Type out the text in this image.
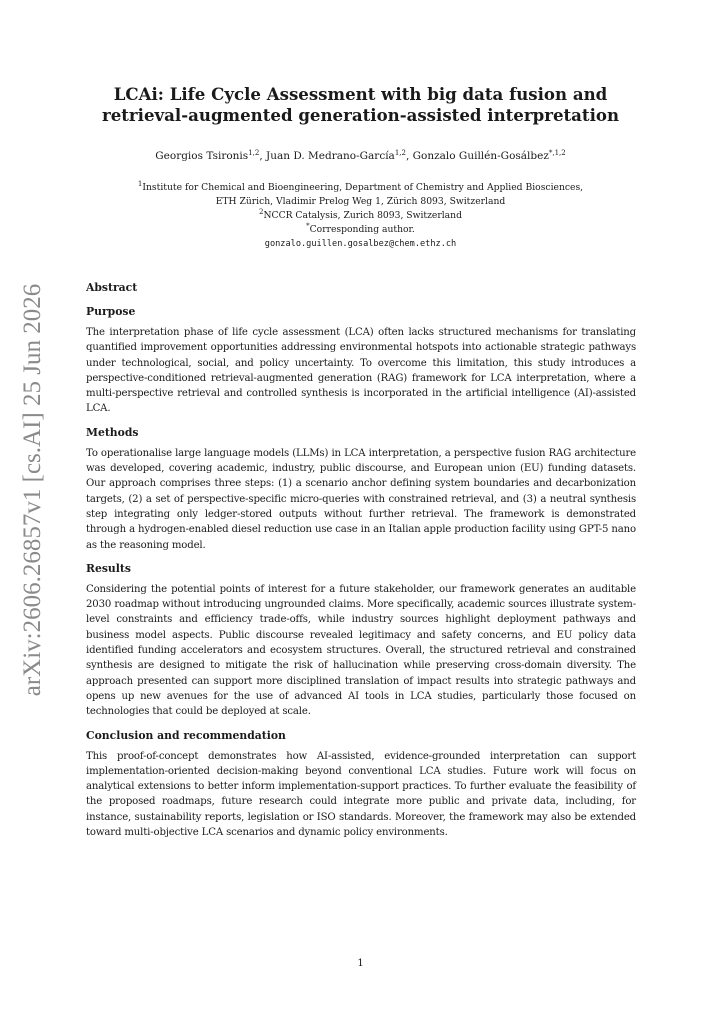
arXiv:2606.26857v1 [cs.AI] 25 Jun 2026
LCAi: Life Cycle Assessment with big data fusion and
retrieval-augmented generation-assisted interpretation
Georgios Tsironis$^{1,2}$, Juan D. Medrano-García$^{1,2}$, Gonzalo Guillén-Gosálbez$^{*,1,2}$
$^1$Institute for Chemical and Bioengineering, Department of Chemistry and Applied Biosciences,
ETH Zürich, Vladimir Prelog Weg 1, Zürich 8093, Switzerland
$^2$NCCR Catalysis, Zurich 8093, Switzerland
*Corresponding author.
gonzalo.guillen.gosalbez@chem.ethz.ch
Abstract
Purpose

The interpretation phase of life cycle assessment (LCA) often lacks structured mechanisms for translating quantified improvement opportunities addressing environmental hotspots into actionable strategic pathways under technological, social, and policy uncertainty. To overcome this limitation, this study introduces a perspective-conditioned retrieval-augmented generation (RAG) framework for LCA interpretation, where a multi-perspective retrieval and controlled synthesis is incorporated in the artificial intelligence (AI)-assisted LCA.

Methods

To operationalise large language models (LLMs) in LCA interpretation, a perspective fusion RAG architecture was developed, covering academic, industry, public discourse, and European union (EU) funding datasets. Our approach comprises three steps: (1) a scenario anchor defining system boundaries and decarbonization targets, (2) a set of perspective-specific micro-queries with constrained retrieval, and (3) a neutral synthesis step integrating only ledger-stored outputs without further retrieval. The framework is demonstrated through a hydrogen-enabled diesel reduction use case in an Italian apple production facility using GPT-5 nano as the reasoning model.

Results

Considering the potential points of interest for a future stakeholder, our framework generates an auditable 2030 roadmap without introducing ungrounded claims. More specifically, academic sources illustrate system-level constraints and efficiency trade-offs, while industry sources highlight deployment pathways and business model aspects. Public discourse revealed legitimacy and safety concerns, and EU policy data identified funding accelerators and ecosystem structures. Overall, the structured retrieval and constrained synthesis are designed to mitigate the risk of hallucination while preserving cross-domain diversity. The approach presented can support more disciplined translation of impact results into strategic pathways and opens up new avenues for the use of advanced AI tools in LCA studies, particularly those focused on technologies that could be deployed at scale.

Conclusion and recommendation

This proof-of-concept demonstrates how AI-assisted, evidence-grounded interpretation can support implementation-oriented decision-making beyond conventional LCA studies. Future work will focus on analytical extensions to better inform implementation-support practices. To further evaluate the feasibility of the proposed roadmaps, future research could integrate more public and private data, including, for instance, sustainability reports, legislation or ISO standards. Moreover, the framework may also be extended toward multi-objective LCA scenarios and dynamic policy environments.

1
